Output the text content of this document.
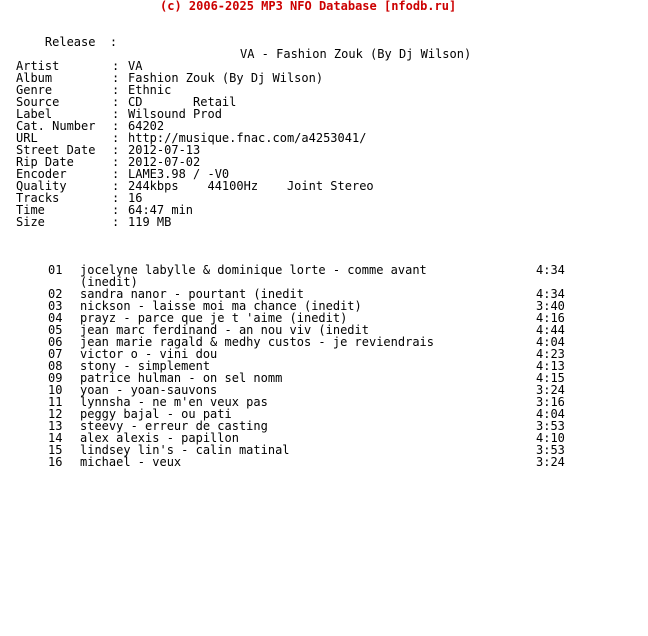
(c) 2006-2025 MP3 NFO Database [nfodb.ru]

Release  :

VA - Fashion Zouk (By Dj Wilson)

Artist	: VA
Album	: Fashion Zouk (By Dj Wilson)
Genre	: Ethnic
Source	: CD       Retail
Label	: Wilsound Prod
Cat. Number : 64202
URL	: http://musique.fnac.com/a4253041/
Street Date : 2012-07-13
Rip Date	: 2012-07-02
Encoder	: LAME3.98 / -V0
Quality	: 244kbps    44100Hz    Joint Stereo
Tracks	: 16
Time	: 64:47 min
Size	: 119 MB
01 jocelyne labylle & dominique lorte - comme avant	4:34
(inedit)
02 sandra nanor - pourtant (inedit	4:34
03 nickson - laisse moi ma chance (inedit)	3:40
04 prayz - parce que je t 'aime (inedit)	4:16
05 jean marc ferdinand - an nou viv (inedit	4:44
06 jean marie ragald & medhy custos - je reviendrais	4:04
07 victor o - vini dou	4:23
08 stony - simplement	4:13
09 patrice hulman - on sel nomm	4:15
10 yoan - yoan-sauvons	3:24
11 lynnsha - ne m'en veux pas	3:16
12 peggy bajal - ou pati	4:04
13 steevy - erreur de casting	3:53
14 alex alexis - papillon	4:10
15 lindsey lin's - calin matinal	3:53
16 michael - veux	3:24
